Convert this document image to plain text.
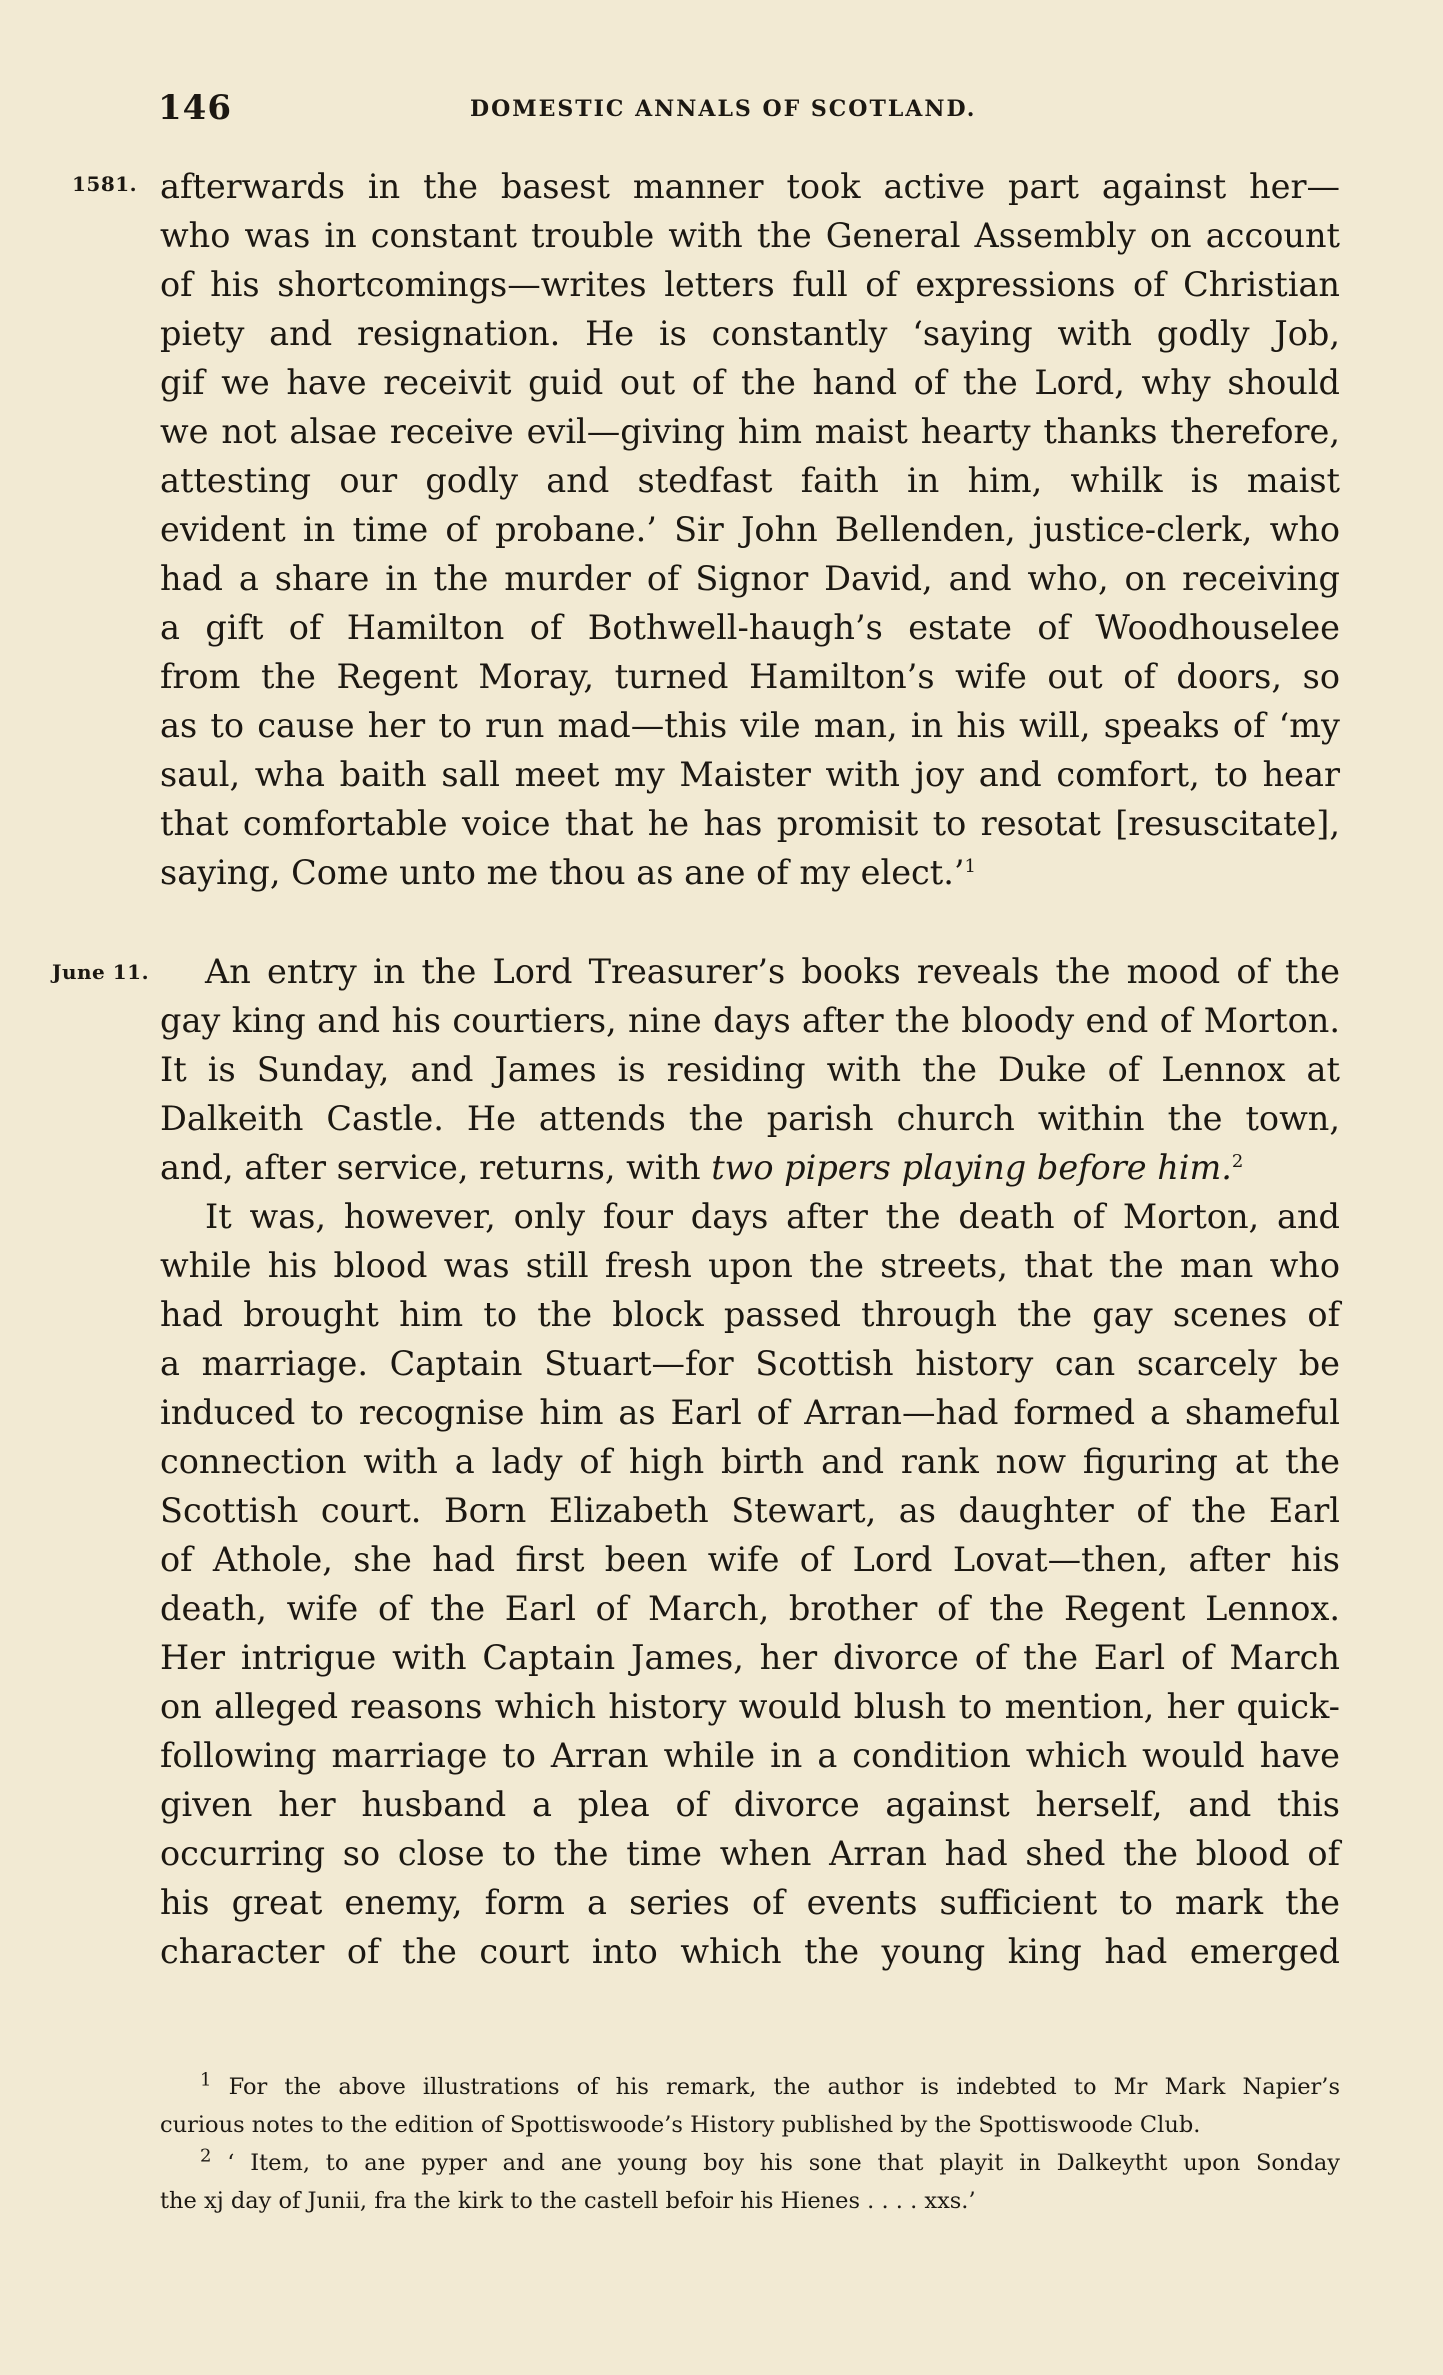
146	DOMESTIC ANNALS OF SCOTLAND.
1581.
June 11.
afterwards in the basest manner took active part against her—
who was in constant trouble with the General Assembly on account
of his shortcomings—writes letters full of expressions of Christian
piety and resignation. He is constantly ‘saying with godly Job,
gif we have receivit guid out of the hand of the Lord, why should
we not alsae receive evil—giving him maist hearty thanks therefore,
attesting our godly and stedfast faith in him, whilk is maist
evident in time of probane.’ Sir John Bellenden, justice-clerk, who
had a share in the murder of Signor David, and who, on receiving
a gift of Hamilton of Bothwell-haugh’s estate of Woodhouselee
from the Regent Moray, turned Hamilton’s wife out of doors, so
as to cause her to run mad—this vile man, in his will, speaks of ‘my
saul, wha baith sall meet my Maister with joy and comfort, to hear
that comfortable voice that he has promisit to resotat [resuscitate],
saying, Come unto me thou as ane of my elect.’$^1$
An entry in the Lord Treasurer’s books reveals the mood of the
gay king and his courtiers, nine days after the bloody end of Morton.
It is Sunday, and James is residing with the Duke of Lennox at
Dalkeith Castle. He attends the parish church within the town,
and, after service, returns, with two pipers playing before him.$^2$
It was, however, only four days after the death of Morton, and
while his blood was still fresh upon the streets, that the man who
had brought him to the block passed through the gay scenes of
a marriage. Captain Stuart—for Scottish history can scarcely be
induced to recognise him as Earl of Arran—had formed a shameful
connection with a lady of high birth and rank now figuring at the
Scottish court. Born Elizabeth Stewart, as daughter of the Earl
of Athole, she had first been wife of Lord Lovat—then, after his
death, wife of the Earl of March, brother of the Regent Lennox.
Her intrigue with Captain James, her divorce of the Earl of March
on alleged reasons which history would blush to mention, her quick-
following marriage to Arran while in a condition which would have
given her husband a plea of divorce against herself, and this
occurring so close to the time when Arran had shed the blood of
his great enemy, form a series of events sufficient to mark the
character of the court into which the young king had emerged
$^1$ For the above illustrations of his remark, the author is indebted to Mr Mark Napier’s
curious notes to the edition of Spottiswoode’s History published by the Spottiswoode Club.
$^2$ ‘ Item, to ane pyper and ane young boy his sone that playit in Dalkeytht upon Sonday
the xj day of Junii, fra the kirk to the castell befoir his Hienes . . . . xxs.’
